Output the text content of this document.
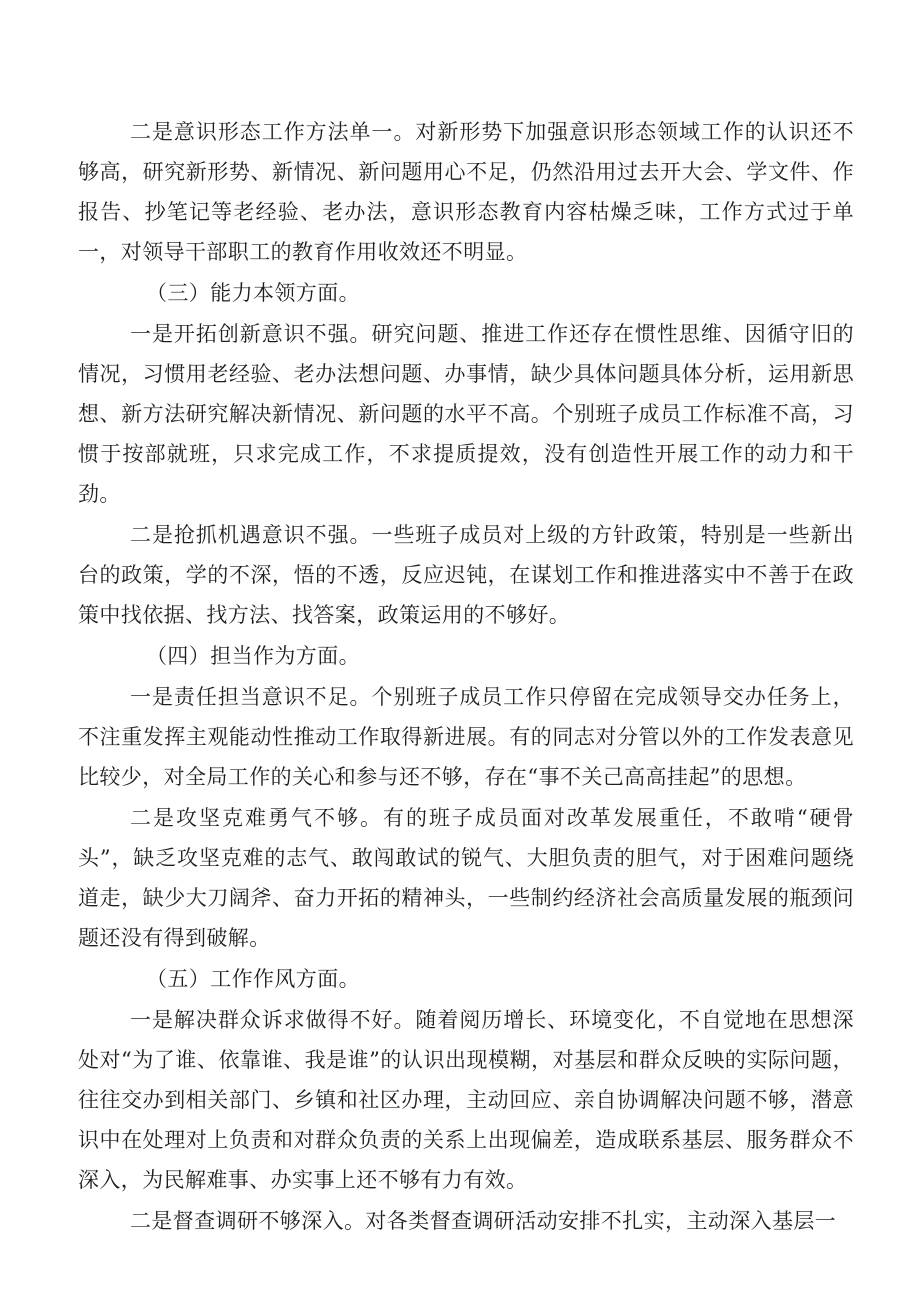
二是意识形态工作方法单一。对新形势下加强意识形态领域工作的认识还不够高，研究新形势、新情况、新问题用心不足，仍然沿用过去开大会、学文件、作报告、抄笔记等老经验、老办法，意识形态教育内容枯燥乏味，工作方式过于单一，对领导干部职工的教育作用收效还不明显。

（三）能力本领方面。

一是开拓创新意识不强。研究问题、推进工作还存在惯性思维、因循守旧的情况，习惯用老经验、老办法想问题、办事情，缺少具体问题具体分析，运用新思想、新方法研究解决新情况、新问题的水平不高。个别班子成员工作标准不高，习惯于按部就班，只求完成工作，不求提质提效，没有创造性开展工作的动力和干劲。

二是抢抓机遇意识不强。一些班子成员对上级的方针政策，特别是一些新出台的政策，学的不深，悟的不透，反应迟钝，在谋划工作和推进落实中不善于在政策中找依据、找方法、找答案，政策运用的不够好。

（四）担当作为方面。

一是责任担当意识不足。个别班子成员工作只停留在完成领导交办任务上，不注重发挥主观能动性推动工作取得新进展。有的同志对分管以外的工作发表意见比较少，对全局工作的关心和参与还不够，存在“事不关己高高挂起”的思想。

二是攻坚克难勇气不够。有的班子成员面对改革发展重任，不敢啃“硬骨头”，缺乏攻坚克难的志气、敢闯敢试的锐气、大胆负责的胆气，对于困难问题绕道走，缺少大刀阔斧、奋力开拓的精神头，一些制约经济社会高质量发展的瓶颈问题还没有得到破解。

（五）工作作风方面。

一是解决群众诉求做得不好。随着阅历增长、环境变化，不自觉地在思想深处对“为了谁、依靠谁、我是谁”的认识出现模糊，对基层和群众反映的实际问题，往往交办到相关部门、乡镇和社区办理，主动回应、亲自协调解决问题不够，潜意识中在处理对上负责和对群众负责的关系上出现偏差，造成联系基层、服务群众不深入，为民解难事、办实事上还不够有力有效。

二是督查调研不够深入。对各类督查调研活动安排不扎实，主动深入基层一
